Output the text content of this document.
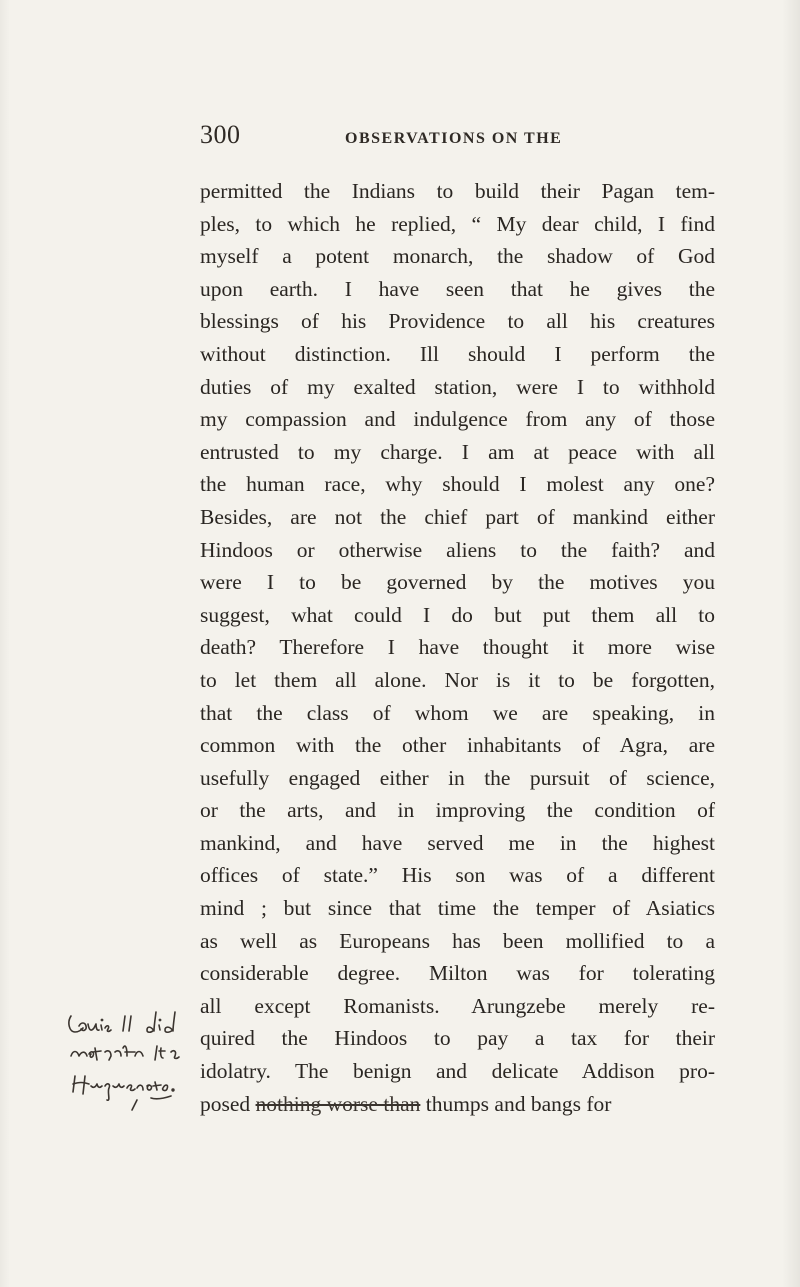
300	OBSERVATIONS ON THE
permitted the Indians to build their Pagan tem-
ples, to which he replied, “ My dear child, I find
myself a potent monarch, the shadow of God
upon earth. I have seen that he gives the
blessings of his Providence to all his creatures
without distinction. Ill should I perform the
duties of my exalted station, were I to withhold
my compassion and indulgence from any of those
entrusted to my charge. I am at peace with all
the human race, why should I molest any one?
Besides, are not the chief part of mankind either
Hindoos or otherwise aliens to the faith? and
were I to be governed by the motives you
suggest, what could I do but put them all to
death? Therefore I have thought it more wise
to let them all alone. Nor is it to be forgotten,
that the class of whom we are speaking, in
common with the other inhabitants of Agra, are
usefully engaged either in the pursuit of science,
or the arts, and in improving the condition of
mankind, and have served me in the highest
offices of state.” His son was of a different
mind ; but since that time the temper of Asiatics
as well as Europeans has been mollified to a
considerable degree. Milton was for tolerating
all except Romanists. Arungzebe merely re-
quired the Hindoos to pay a tax for their
idolatry. The benign and delicate Addison pro-
posed nothing worse than thumps and bangs for
